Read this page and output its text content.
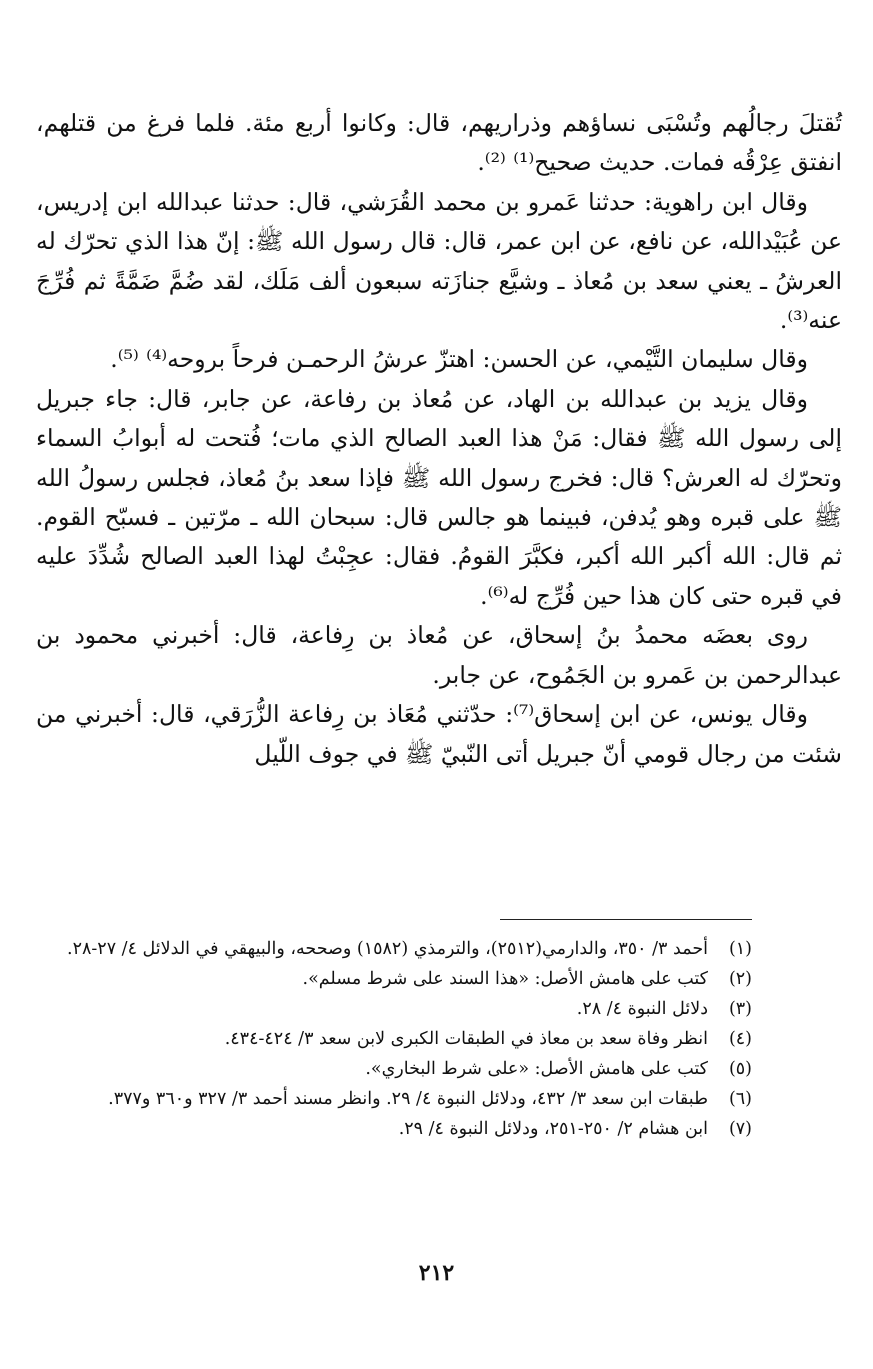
تُقتلَ رجالُهم وتُسْبَى نساؤهم وذراريهم، قال: وكانوا أربع مئة. فلما فرغ من قتلهم، انفتق عِرْقُه فمات. حديث صحيح⁽¹⁾ ⁽²⁾.

وقال ابن راهوية: حدثنا عَمرو بن محمد القُرَشي، قال: حدثنا عبدالله ابن إدريس، عن عُبَيْدالله، عن نافع، عن ابن عمر، قال: قال رسول الله ﷺ: إنّ هذا الذي تحرّك له العرشُ ـ يعني سعد بن مُعاذ ـ وشيَّع جنازَته سبعون ألف مَلَك، لقد ضُمَّ ضَمَّةً ثم فُرِّجَ عنه⁽³⁾.

وقال سليمان التَّيْمي، عن الحسن: اهتزّ عرشُ الرحمـن فرحاً بروحه⁽⁴⁾ ⁽⁵⁾.

وقال يزيد بن عبدالله بن الهاد، عن مُعاذ بن رفاعة، عن جابر، قال: جاء جبريل إلى رسول الله ﷺ فقال: مَنْ هذا العبد الصالح الذي مات؛ فُتحت له أبوابُ السماء وتحرّك له العرش؟ قال: فخرج رسول الله ﷺ فإذا سعد بنُ مُعاذ، فجلس رسولُ الله ﷺ على قبره وهو يُدفن، فبينما هو جالس قال: سبحان الله ـ مرّتين ـ فسبّح القوم. ثم قال: الله أكبر الله أكبر، فكبَّرَ القومُ. فقال: عجِبْتُ لهذا العبد الصالح شُدِّدَ عليه في قبره حتى كان هذا حين فُرِّج له⁽⁶⁾.

روى بعضَه محمدُ بنُ إسحاق، عن مُعاذ بن رِفاعة، قال: أخبرني محمود بن عبدالرحمن بن عَمرو بن الجَمُوح، عن جابر.

وقال يونس، عن ابن إسحاق⁽⁷⁾: حدّثني مُعَاذ بن رِفاعة الزُّرَقي، قال: أخبرني من شئت من رجال قومي أنّ جبريل أتى النّبيّ ﷺ في جوف اللّيل

(١)
أحمد ٣/ ٣٥٠، والدارمي(٢٥١٢)، والترمذي (١٥٨٢) وصححه، والبيهقي في الدلائل ٤/ ٢٧-٢٨.
(٢)
كتب على هامش الأصل: «هذا السند على شرط مسلم».
(٣)
دلائل النبوة ٤/ ٢٨.
(٤)
انظر وفاة سعد بن معاذ في الطبقات الكبرى لابن سعد ٣/ ٤٢٤-٤٣٤.
(٥)
كتب على هامش الأصل: «على شرط البخاري».
(٦)
طبقات ابن سعد ٣/ ٤٣٢، ودلائل النبوة ٤/ ٢٩. وانظر مسند أحمد ٣/ ٣٢٧ و٣٦٠ و٣٧٧.
(٧)
ابن هشام ٢/ ٢٥٠-٢٥١، ودلائل النبوة ٤/ ٢٩.
٢١٢
